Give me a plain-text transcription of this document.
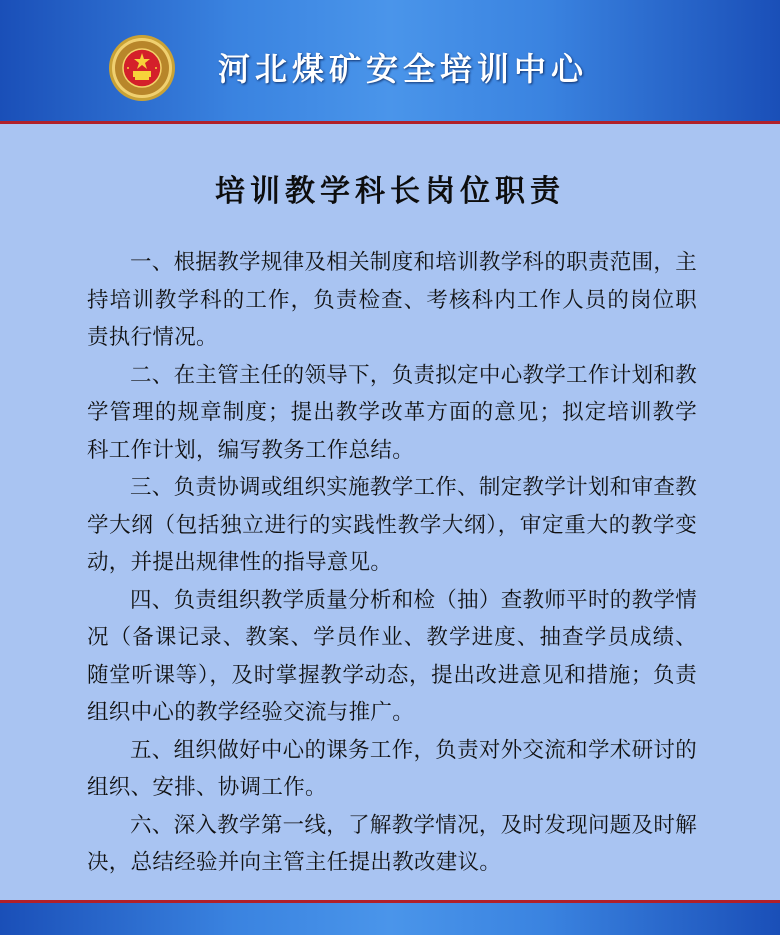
河北煤矿安全培训中心
培训教学科长岗位职责

一、根据教学规律及相关制度和培训教学科的职责范围，主持培训教学科的工作，负责检查、考核科内工作人员的岗位职责执行情况。

二、在主管主任的领导下，负责拟定中心教学工作计划和教学管理的规章制度；提出教学改革方面的意见；拟定培训教学科工作计划，编写教务工作总结。

三、负责协调或组织实施教学工作、制定教学计划和审查教学大纲（包括独立进行的实践性教学大纲），审定重大的教学变动，并提出规律性的指导意见。

四、负责组织教学质量分析和检（抽）查教师平时的教学情况（备课记录、教案、学员作业、教学进度、抽查学员成绩、随堂听课等），及时掌握教学动态，提出改进意见和措施；负责组织中心的教学经验交流与推广。

五、组织做好中心的课务工作，负责对外交流和学术研讨的组织、安排、协调工作。

六、深入教学第一线，了解教学情况，及时发现问题及时解决，总结经验并向主管主任提出教改建议。
